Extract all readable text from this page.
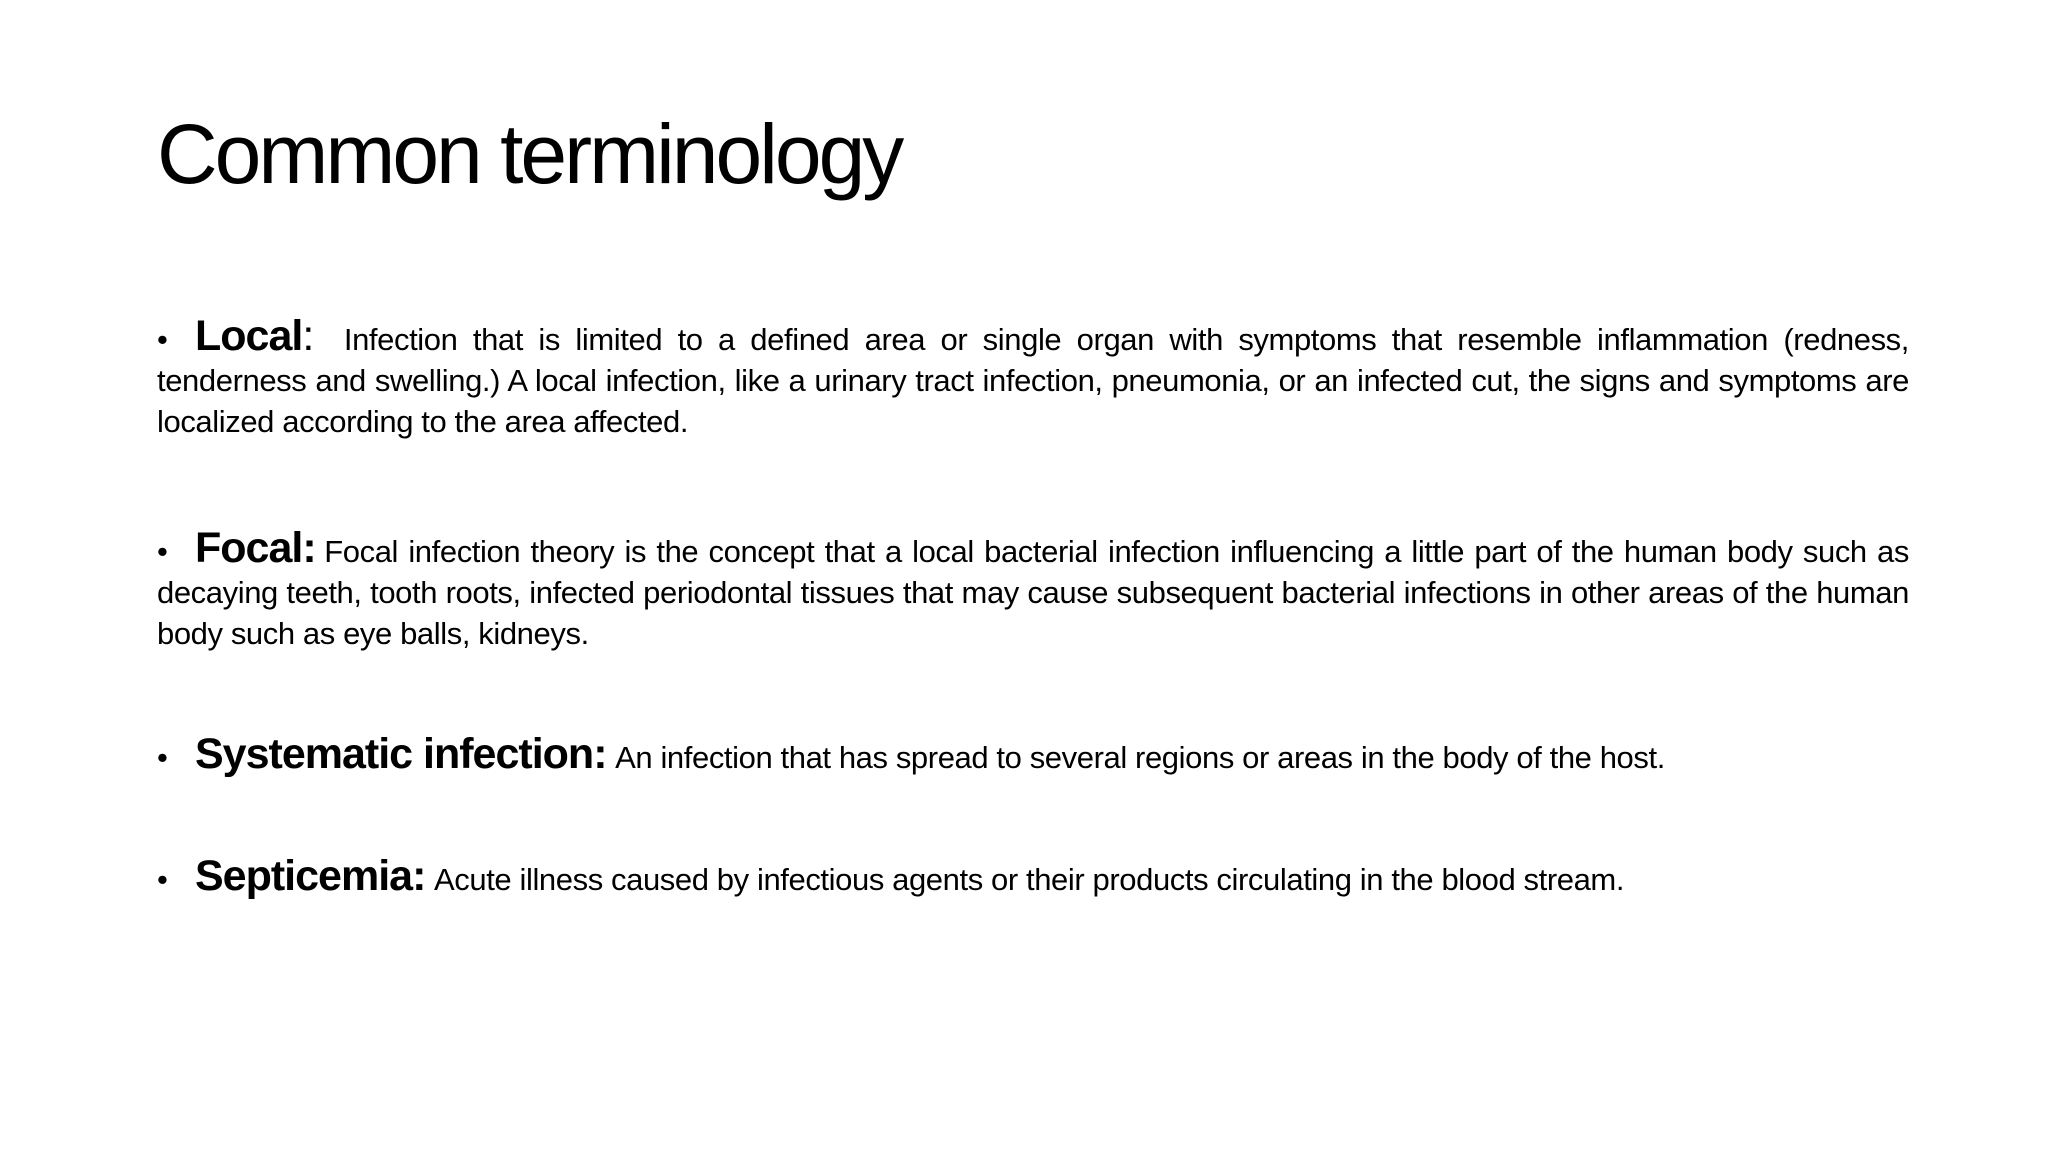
Common terminology
• Local: Infection that is limited to a defined area or single organ with symptoms that resemble inflammation (redness, tenderness and swelling.) A local infection, like a urinary tract infection, pneumonia, or an infected cut, the signs and symptoms are localized according to the area affected.
• Focal: Focal infection theory is the concept that a local bacterial infection influencing a little part of the human body such as decaying teeth, tooth roots, infected periodontal tissues that may cause subsequent bacterial infections in other areas of the human body such as eye balls, kidneys.
• Systematic infection: An infection that has spread to several regions or areas in the body of the host.
• Septicemia: Acute illness caused by infectious agents or their products circulating in the blood stream.
